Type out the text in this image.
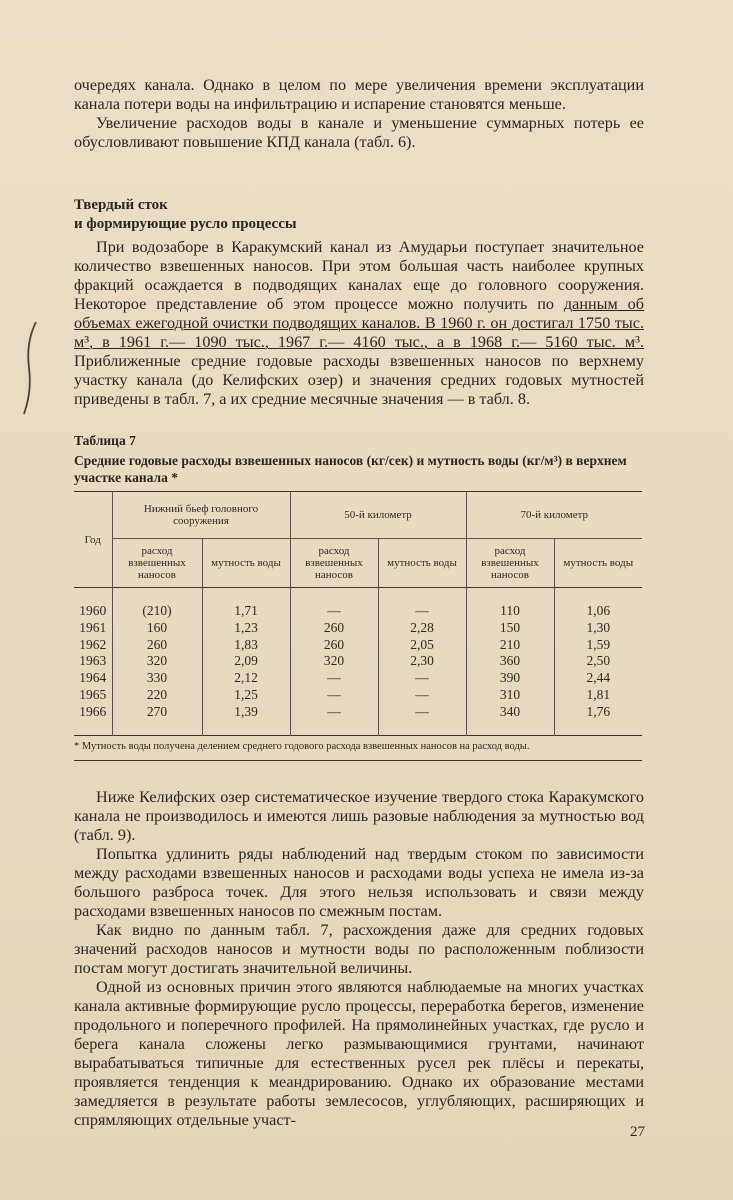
очередях канала. Однако в целом по мере увеличения времени эксплуатации канала потери воды на инфильтрацию и испарение становятся меньше.

Увеличение расходов воды в канале и уменьшение суммарных потерь ее обусловливают повышение КПД канала (табл. 6).

Твердый сток
и формирующие русло процессы

При водозаборе в Каракумский канал из Амударьи поступает значительное количество взвешенных наносов. При этом большая часть наиболее крупных фракций осаждается в подводящих каналах еще до головного сооружения. Некоторое представление об этом процессе можно получить по данным об объемах ежегодной очистки подводящих каналов. В 1960 г. он достигал 1750 тыс. м³, в 1961 г.— 1090 тыс., 1967 г.— 4160 тыс., а в 1968 г.— 5160 тыс. м³. Приближенные средние годовые расходы взвешенных наносов по верхнему участку канала (до Келифских озер) и значения средних годовых мутностей приведены в табл. 7, а их средние месячные значения — в табл. 8.

Таблица 7
Средние годовые расходы взвешенных наносов (кг/сек) и мутность воды (кг/м³) в верхнем участке канала *
Год	Нижний бьеф головного сооружения		50-й километр		70-й километр	
	расход взвешенных наносов	мутность воды	расход взвешенных наносов	мутность воды	расход взвешенных наносов	мутность воды
1960	(210)	1,71	—	—	110	1,06
1961	160	1,23	260	2,28	150	1,30
1962	260	1,83	260	2,05	210	1,59
1963	320	2,09	320	2,30	360	2,50
1964	330	2,12	—	—	390	2,44
1965	220	1,25	—	—	310	1,81
1966	270	1,39	—	—	340	1,76
* Мутность воды получена делением среднего годового расхода взвешенных наносов на расход воды.

Ниже Келифских озер систематическое изучение твердого стока Каракумского канала не производилось и имеются лишь разовые наблюдения за мутностью вод (табл. 9).

Попытка удлинить ряды наблюдений над твердым стоком по зависимости между расходами взвешенных наносов и расходами воды успеха не имела из-за большого разброса точек. Для этого нельзя использовать и связи между расходами взвешенных наносов по смежным постам.

Как видно по данным табл. 7, расхождения даже для средних годовых значений расходов наносов и мутности воды по расположенным поблизости постам могут достигать значительной величины.

Одной из основных причин этого являются наблюдаемые на многих участках канала активные формирующие русло процессы, переработка берегов, изменение продольного и поперечного профилей. На прямолинейных участках, где русло и берега канала сложены легко размывающимися грунтами, начинают вырабатываться типичные для естественных русел рек плёсы и перекаты, проявляется тенденция к меандрированию. Однако их образование местами замедляется в результате работы землесосов, углубляющих, расширяющих и спрямляющих отдельные участ-

27
